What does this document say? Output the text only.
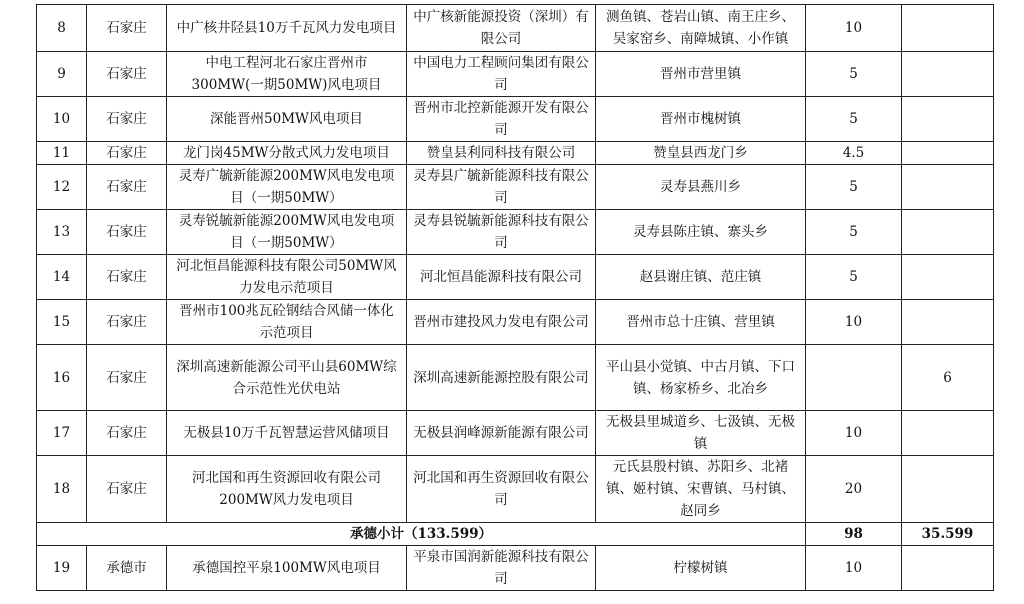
8	石家庄	中广核井陉县10万千瓦风力发电项目	中广核新能源投资（深圳）有限公司	测鱼镇、苍岩山镇、南王庄乡、吴家窑乡、南障城镇、小作镇	10	
9	石家庄	中电工程河北石家庄晋州市300MW(一期50MW)风电项目	中国电力工程顾问集团有限公司	晋州市营里镇	5	
10	石家庄	深能晋州50MW风电项目	晋州市北控新能源开发有限公司	晋州市槐树镇	5	
11	石家庄	龙门岗45MW分散式风力发电项目	赞皇县利同科技有限公司	赞皇县西龙门乡	4.5	
12	石家庄	灵寿广毓新能源200MW风电发电项目（一期50MW）	灵寿县广毓新能源科技有限公司	灵寿县燕川乡	5	
13	石家庄	灵寿锐毓新能源200MW风电发电项目（一期50MW）	灵寿县锐毓新能源科技有限公司	灵寿县陈庄镇、寨头乡	5	
14	石家庄	河北恒昌能源科技有限公司50MW风力发电示范项目	河北恒昌能源科技有限公司	赵县谢庄镇、范庄镇	5	
15	石家庄	晋州市100兆瓦砼钢结合风储一体化示范项目	晋州市建投风力发电有限公司	晋州市总十庄镇、营里镇	10	
16	石家庄	深圳高速新能源公司平山县60MW综合示范性光伏电站	深圳高速新能源控股有限公司	平山县小觉镇、中古月镇、下口镇、杨家桥乡、北冶乡		6
17	石家庄	无极县10万千瓦智慧运营风储项目	无极县润峰源新能源有限公司	无极县里城道乡、七汲镇、无极镇	10	
18	石家庄	河北国和再生资源回收有限公司200MW风力发电项目	河北国和再生资源回收有限公司	元氏县殷村镇、苏阳乡、北褚镇、姬村镇、宋曹镇、马村镇、赵同乡	20	
承德小计（133.599）					98	35.599
19	承德市	承德国控平泉100MW风电项目	平泉市国润新能源科技有限公司	柠檬树镇	10	
